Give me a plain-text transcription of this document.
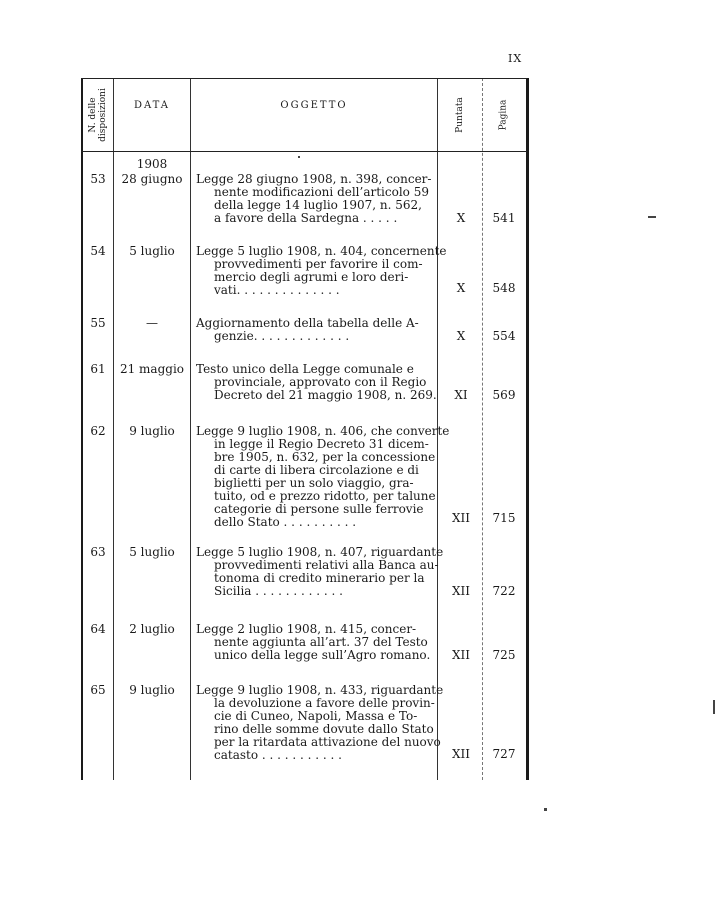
IX
N. delle disposizioni	DATA	OGGETTO	Puntata	Pagina
1908
53	28 giugno	Legge 28 giugno 1908, n. 398, concer-
nente modificazioni dell’articolo 59
della legge 14 luglio 1907, n. 562,
a favore della Sardegna . . . . .	X	541
54	5 luglio	Legge 5 luglio 1908, n. 404, concernente
provvedimenti per favorire il com-
mercio degli agrumi e loro deri-
vati. . . . . . . . . . . . . .	X	548
55	—	Aggiornamento della tabella delle A-
genzie. . . . . . . . . . . . .	X	554
61	21 maggio Testo unico della Legge comunale e
provinciale, approvato con il Regio
Decreto del 21 maggio 1908, n. 269.	XI	569
62	9 luglio	Legge 9 luglio 1908, n. 406, che converte
in legge il Regio Decreto 31 dicem-
bre 1905, n. 632, per la concessione
di carte di libera circolazione e di
biglietti per un solo viaggio, gra-
tuito, od e prezzo ridotto, per talune
categorie di persone sulle ferrovie
dello Stato . . . . . . . . . .	XII	715
63	5 luglio	Legge 5 luglio 1908, n. 407, riguardante
provvedimenti relativi alla Banca au-
tonoma di credito minerario per la
Sicilia . . . . . . . . . . . .	XII	722
64	2 luglio	Legge 2 luglio 1908, n. 415, concer-
nente aggiunta all’art. 37 del Testo
unico della legge sull’Agro romano.	XII	725
65	9 luglio	Legge 9 luglio 1908, n. 433, riguardante
la devoluzione a favore delle provin-
cie di Cuneo, Napoli, Massa e To-
rino delle somme dovute dallo Stato
per la ritardata attivazione del nuovo
catasto . . . . . . . . . . .	XII	727
